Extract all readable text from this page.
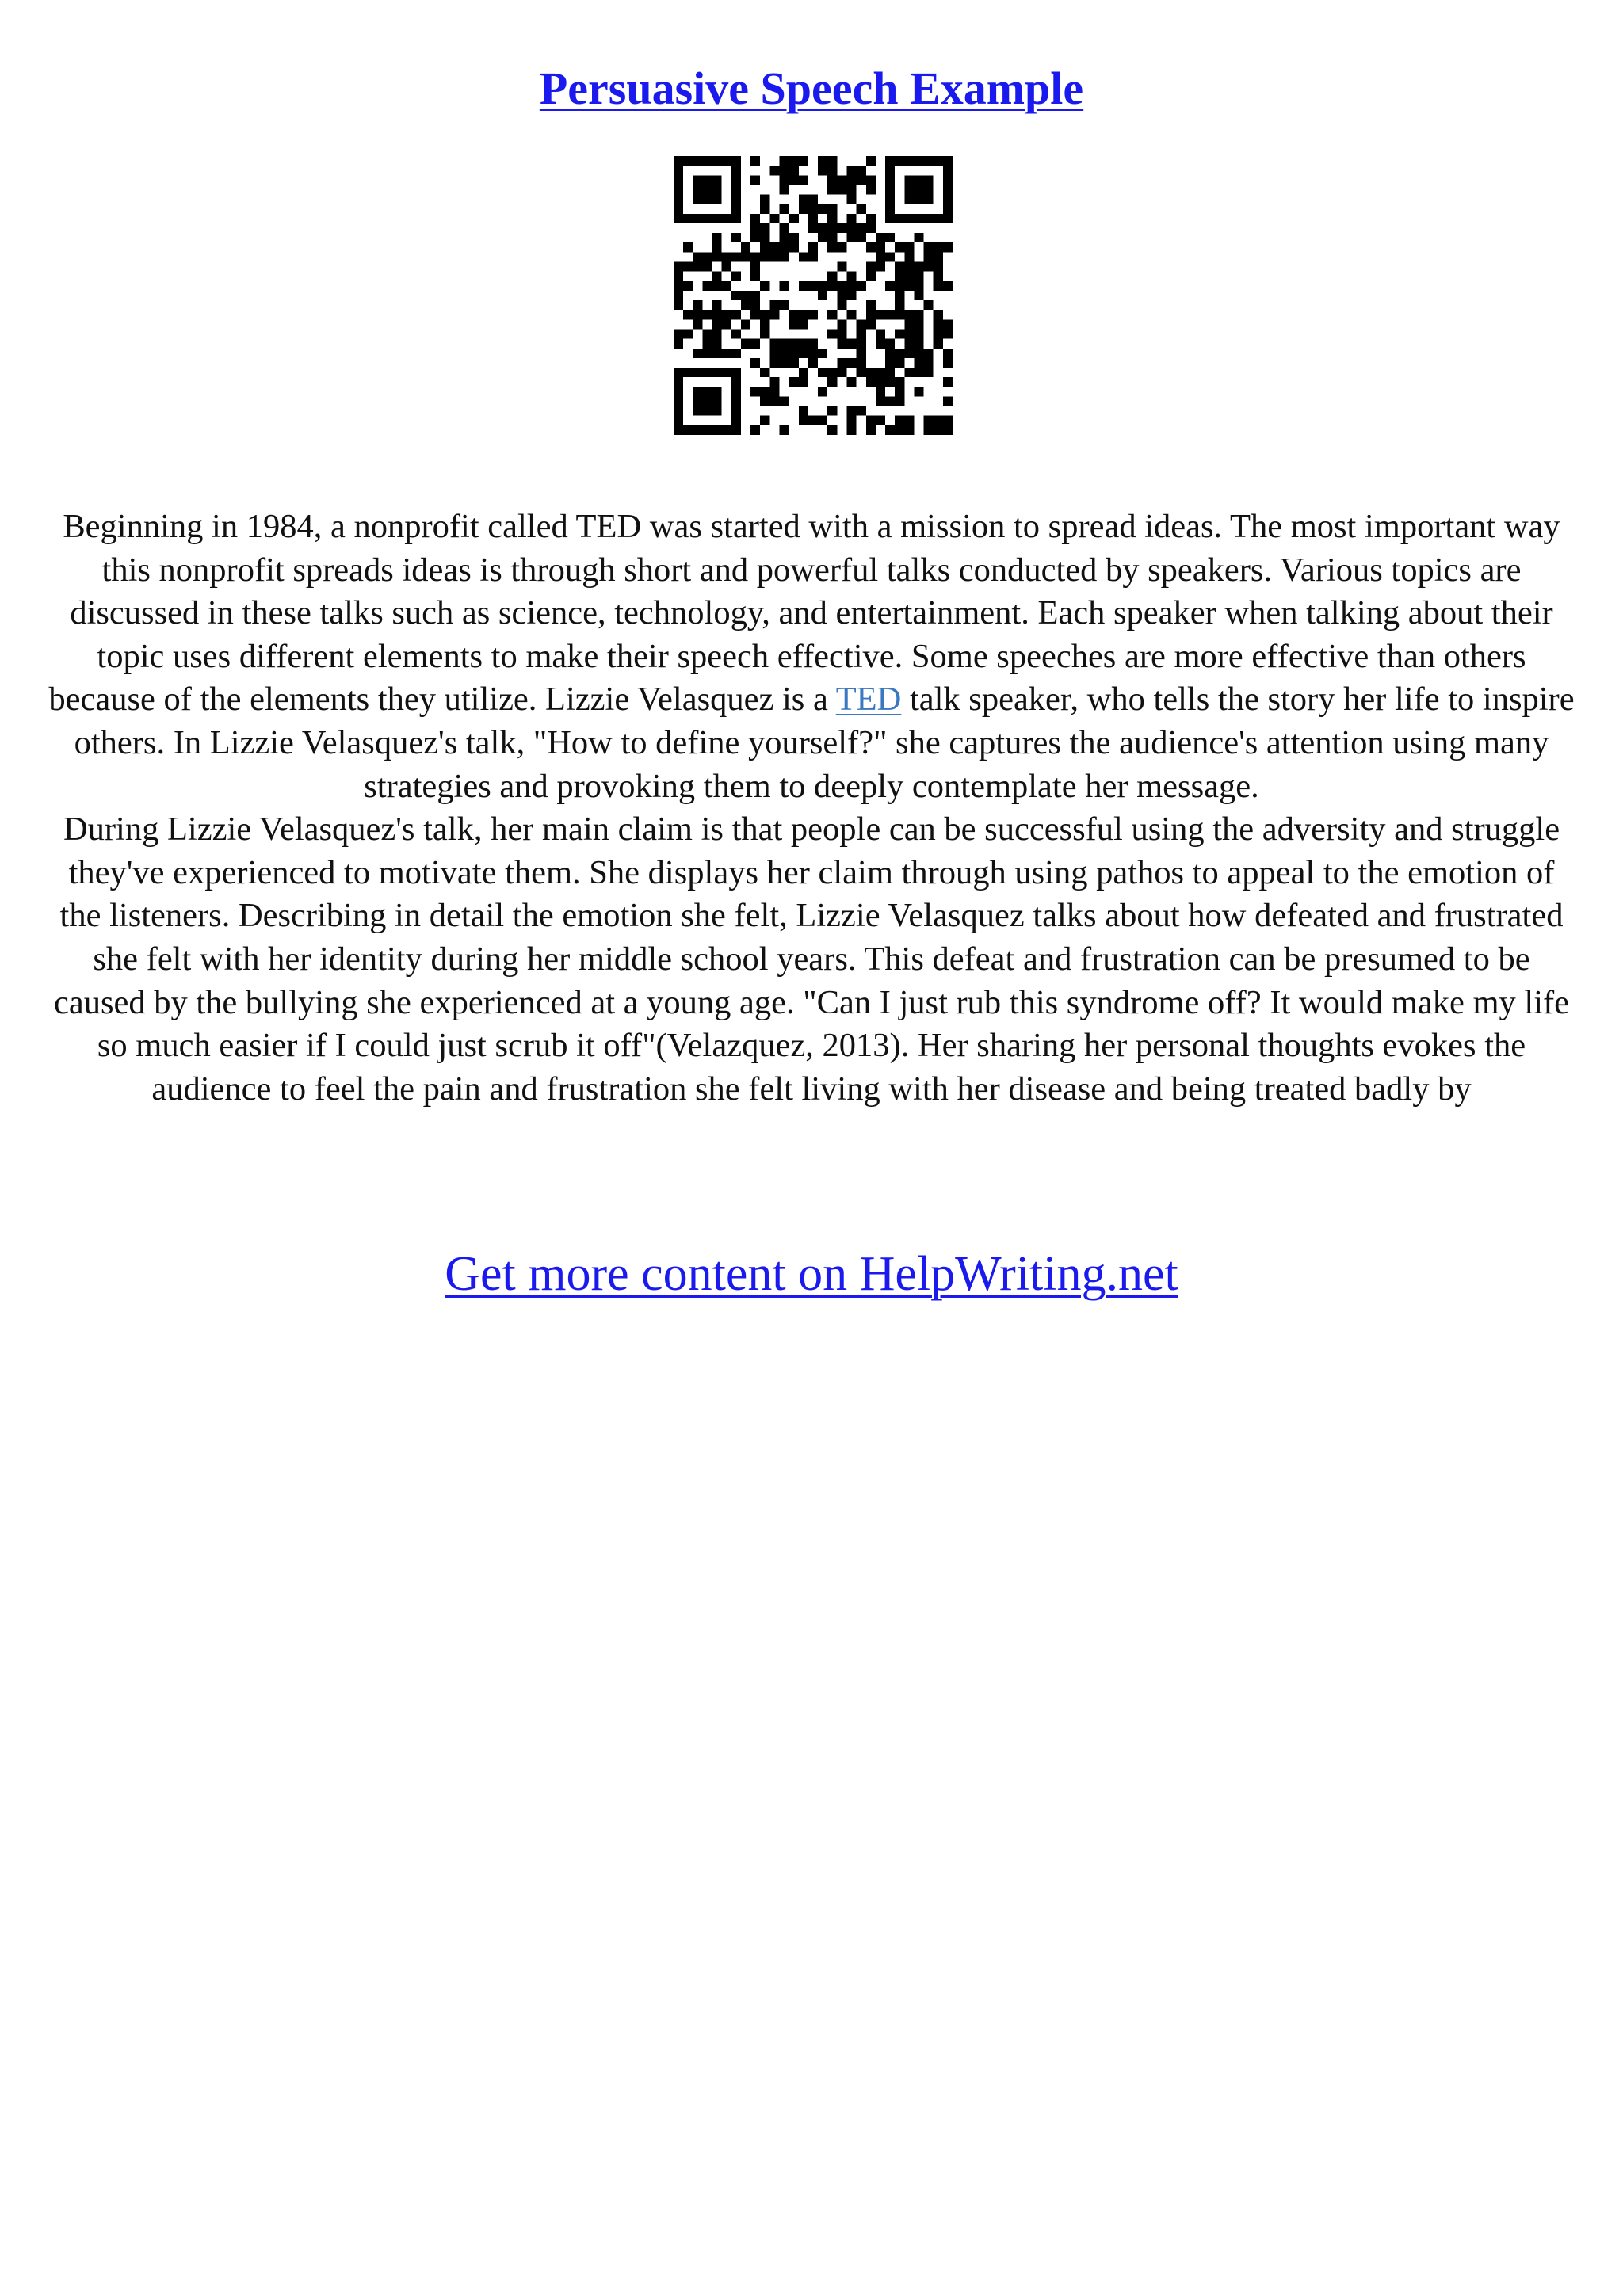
Persuasive Speech Example

Beginning in 1984, a nonprofit called TED was started with a mission to spread ideas. The most important way this nonprofit spreads ideas is through short and powerful talks conducted by speakers. Various topics are discussed in these talks such as science, technology, and entertainment. Each speaker when talking about their topic uses different elements to make their speech effective. Some speeches are more effective than others because of the elements they utilize. Lizzie Velasquez is a TED talk speaker, who tells the story her life to inspire others. In Lizzie Velasquez's talk, "How to define yourself?" she captures the audience's attention using many strategies and provoking them to deeply contemplate her message.

During Lizzie Velasquez's talk, her main claim is that people can be successful using the adversity and struggle they've experienced to motivate them. She displays her claim through using pathos to appeal to the emotion of the listeners. Describing in detail the emotion she felt, Lizzie Velasquez talks about how defeated and frustrated she felt with her identity during her middle school years. This defeat and frustration can be presumed to be caused by the bullying she experienced at a young age. "Can I just rub this syndrome off? It would make my life so much easier if I could just scrub it off"(Velazquez, 2013). Her sharing her personal thoughts evokes the audience to feel the pain and frustration she felt living with her disease and being treated badly by

Get more content on HelpWriting.net
